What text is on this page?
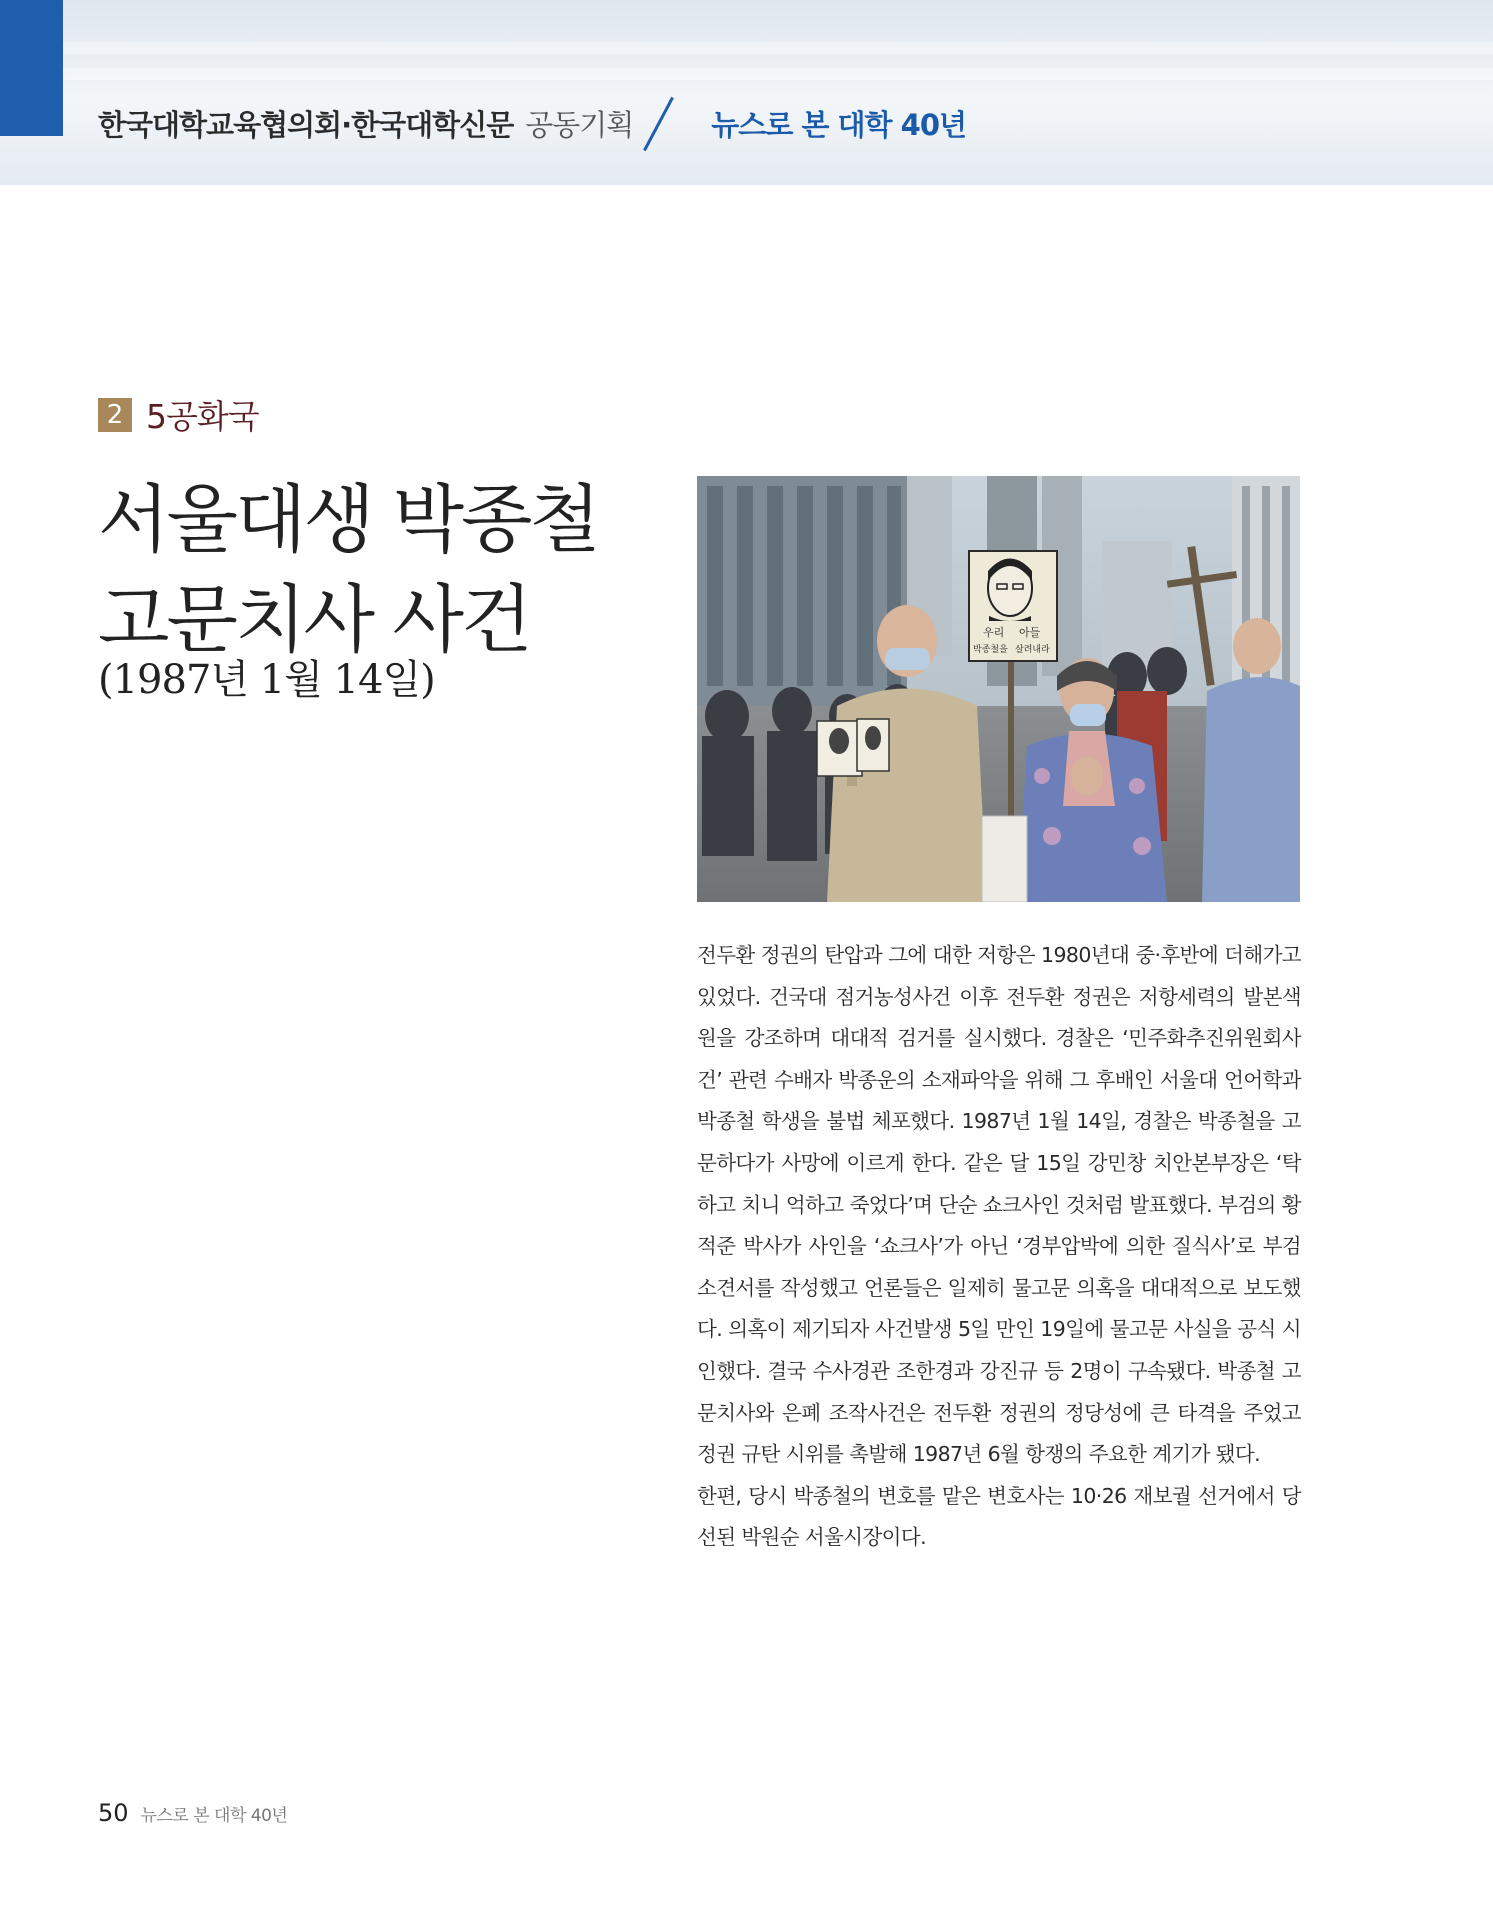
한국대학교육협의회·한국대학신문 공동기획	뉴스로 본 대학 40년
2 5공화국
서울대생 박종철
고문치사 사건
(1987년 1월 14일)
우리 아들
박종철을 살려내라

전두환 정권의 탄압과 그에 대한 저항은 1980년대 중·후반에 더해가고 있었다. 건국대 점거농성사건 이후 전두환 정권은 저항세력의 발본색원을 강조하며 대대적 검거를 실시했다. 경찰은 ‘민주화추진위원회사건’ 관련 수배자 박종운의 소재파악을 위해 그 후배인 서울대 언어학과 박종철 학생을 불법 체포했다. 1987년 1월 14일, 경찰은 박종철을 고문하다가 사망에 이르게 한다. 같은 달 15일 강민창 치안본부장은 ‘탁하고 치니 억하고 죽었다’며 단순 쇼크사인 것처럼 발표했다. 부검의 황적준 박사가 사인을 ‘쇼크사’가 아닌 ‘경부압박에 의한 질식사’로 부검소견서를 작성했고 언론들은 일제히 물고문 의혹을 대대적으로 보도했다. 의혹이 제기되자 사건발생 5일 만인 19일에 물고문 사실을 공식 시인했다. 결국 수사경관 조한경과 강진규 등 2명이 구속됐다. 박종철 고문치사와 은폐 조작사건은 전두환 정권의 정당성에 큰 타격을 주었고 정권 규탄 시위를 촉발해 1987년 6월 항쟁의 주요한 계기가 됐다.

한편, 당시 박종철의 변호를 맡은 변호사는 10·26 재보궐 선거에서 당선된 박원순 서울시장이다.

50 뉴스로 본 대학 40년
